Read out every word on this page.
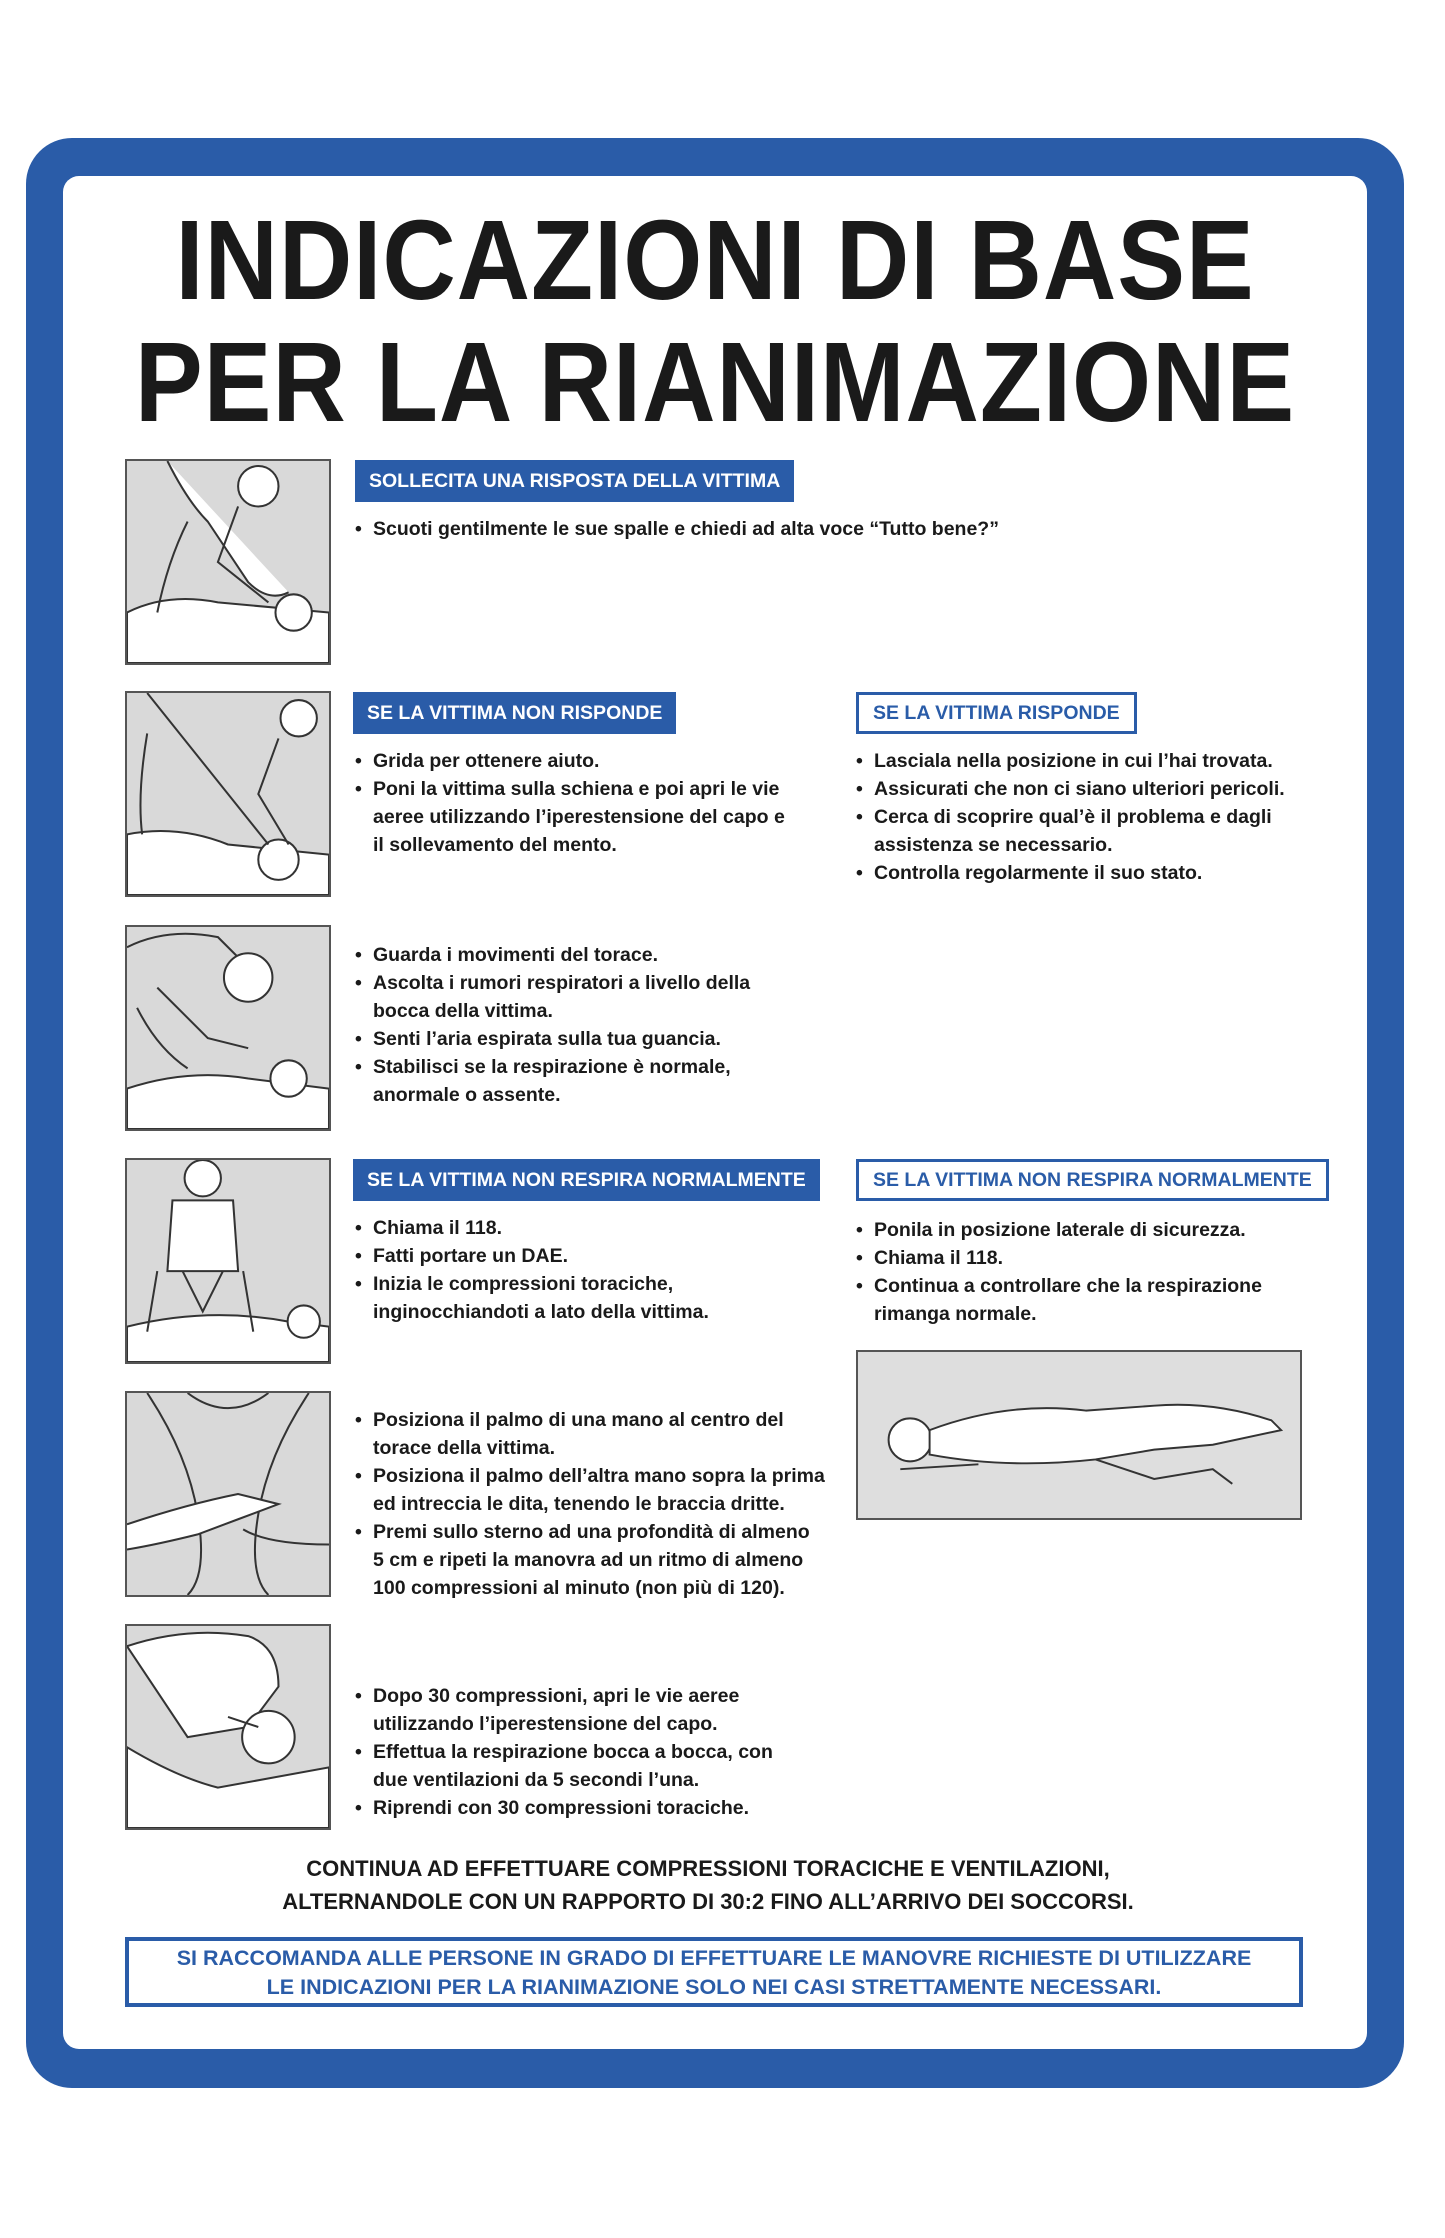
INDICAZIONI DI BASE
PER LA RIANIMAZIONE
SOLLECITA UNA RISPOSTA DELLA VITTIMA
• Scuoti gentilmente le sue spalle e chiedi ad alta voce “Tutto bene?”
SE LA VITTIMA NON RISPONDE
• Grida per ottenere aiuto.
• Poni la vittima sulla schiena e poi apri le vie aeree utilizzando l’iperestensione del capo e il sollevamento del mento.
SE LA VITTIMA RISPONDE
• Lasciala nella posizione in cui l’hai trovata.
• Assicurati che non ci siano ulteriori pericoli.
• Cerca di scoprire qual’è il problema e dagli assistenza se necessario.
• Controlla regolarmente il suo stato.
• Guarda i movimenti del torace.
• Ascolta i rumori respiratori a livello della bocca della vittima.
• Senti l’aria espirata sulla tua guancia.
• Stabilisci se la respirazione è normale, anormale o assente.
SE LA VITTIMA NON RESPIRA NORMALMENTE
• Chiama il 118.
• Fatti portare un DAE.
• Inizia le compressioni toraciche, inginocchiandoti a lato della vittima.
SE LA VITTIMA NON RESPIRA NORMALMENTE
• Ponila in posizione laterale di sicurezza.
• Chiama il 118.
• Continua a controllare che la respirazione rimanga normale.
• Posiziona il palmo di una mano al centro del torace della vittima.
• Posiziona il palmo dell’altra mano sopra la prima ed intreccia le dita, tenendo le braccia dritte.
• Premi sullo sterno ad una profondità di almeno 5 cm e ripeti la manovra ad un ritmo di almeno 100 compressioni al minuto (non più di 120).
• Dopo 30 compressioni, apri le vie aeree utilizzando l’iperestensione del capo.
• Effettua la respirazione bocca a bocca, con due ventilazioni da 5 secondi l’una.
• Riprendi con 30 compressioni toraciche.
CONTINUA AD EFFETTUARE COMPRESSIONI TORACICHE E VENTILAZIONI,
ALTERNANDOLE CON UN RAPPORTO DI 30:2 FINO ALL’ARRIVO DEI SOCCORSI.
SI RACCOMANDA ALLE PERSONE IN GRADO DI EFFETTUARE LE MANOVRE RICHIESTE DI UTILIZZARE
LE INDICAZIONI PER LA RIANIMAZIONE SOLO NEI CASI STRETTAMENTE NECESSARI.
